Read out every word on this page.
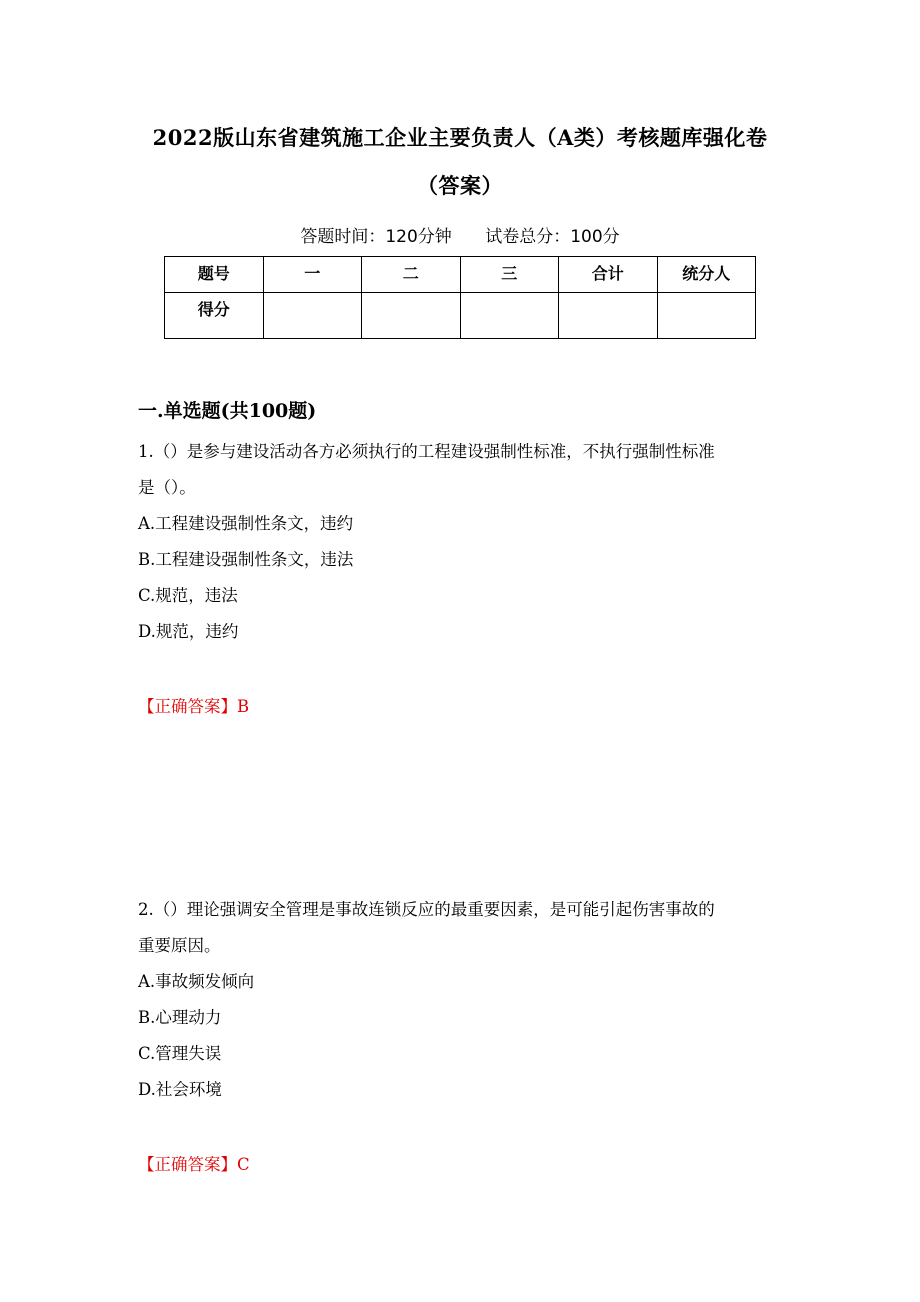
2022版山东省建筑施工企业主要负责人（A类）考核题库强化卷
（答案）
答题时间：120分钟 试卷总分：100分
题号	一	二	三	合计	统分人
得分					
一.单选题(共100题)

1.（）是参与建设活动各方必须执行的工程建设强制性标准，不执行强制性标准

是（）。

A.工程建设强制性条文，违约

B.工程建设强制性条文，违法

C.规范，违法

D.规范，违约

【正确答案】B

2.（）理论强调安全管理是事故连锁反应的最重要因素，是可能引起伤害事故的

重要原因。

A.事故频发倾向

B.心理动力

C.管理失误

D.社会环境

【正确答案】C
